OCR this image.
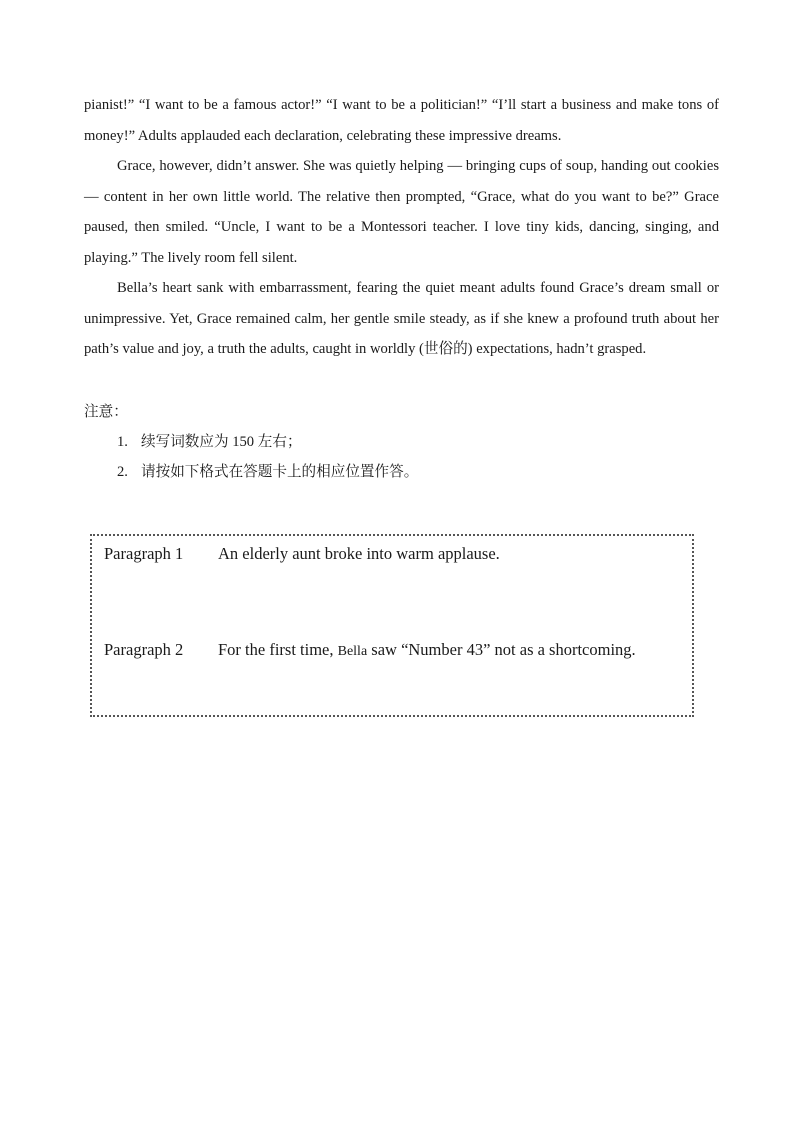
pianist!” “I want to be a famous actor!” “I want to be a politician!” “I’ll start a business and make tons of money!” Adults applauded each declaration, celebrating these impressive dreams.

Grace, however, didn’t answer. She was quietly helping — bringing cups of soup, handing out cookies — content in her own little world. The relative then prompted, “Grace, what do you want to be?” Grace paused, then smiled. “Uncle, I want to be a Montessori teacher. I love tiny kids, dancing, singing, and playing.” The lively room fell silent.

Bella’s heart sank with embarrassment, fearing the quiet meant adults found Grace’s dream small or unimpressive. Yet, Grace remained calm, her gentle smile steady, as if she knew a profound truth about her path’s value and joy, a truth the adults, caught in worldly (世俗的) expectations, hadn’t grasped.

注意：

1. 续写词数应为 150 左右；
2. 请按如下格式在答题卡上的相应位置作答。
Paragraph 1 An elderly aunt broke into warm applause.
Paragraph 2 For the first time, Bella saw “Number 43” not as a shortcoming.
